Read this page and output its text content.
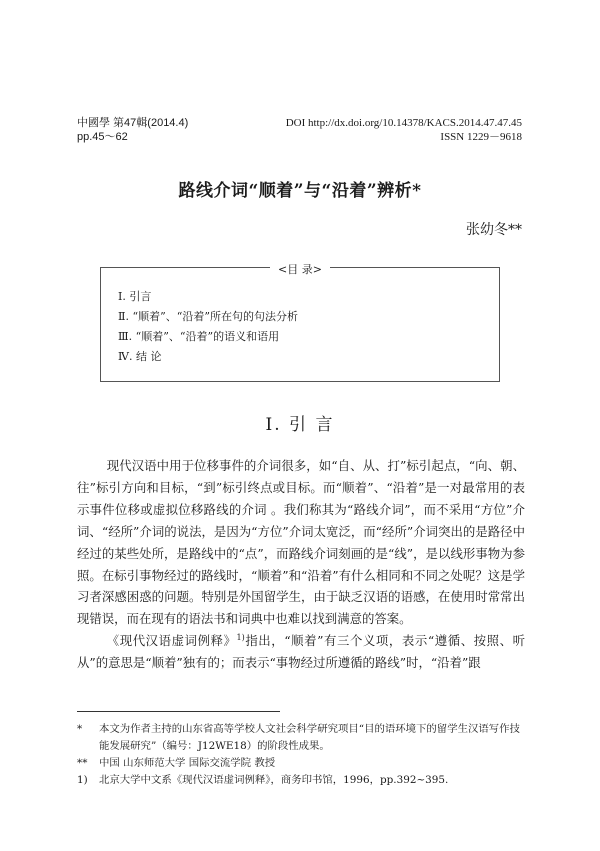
中國學 第47輯(2014.4)
pp.45～62
DOI http://dx.doi.org/10.14378/KACS.2014.47.47.45
ISSN 1229－9618
路线介词“顺着”与“沿着”辨析*
张幼冬**
<目 录>
Ⅰ. 引言
Ⅱ. “顺着”、“沿着”所在句的句法分析
Ⅲ. “顺着”、“沿着”的语义和语用
Ⅳ. 结 论
Ⅰ. 引 言

现代汉语中用于位移事件的介词很多，如“自、从、打”标引起点，“向、朝、往”标引方向和目标，“到”标引终点或目标。而“顺着”、“沿着”是一对最常用的表示事件位移或虚拟位移路线的介词 。我们称其为“路线介词”，而不采用“方位”介词、“经所”介词的说法，是因为“方位”介词太宽泛，而“经所”介词突出的是路径中经过的某些处所，是路线中的“点”，而路线介词刻画的是“线”，是以线形事物为参照。在标引事物经过的路线时，“顺着”和“沿着”有什么相同和不同之处呢？这是学习者深感困惑的问题。特别是外国留学生，由于缺乏汉语的语感，在使用时常常出现错误，而在现有的语法书和词典中也难以找到满意的答案。

《现代汉语虚词例释》$^{1)}$指出，“顺着”有三个义项，表示“遵循、按照、听从”的意思是“顺着”独有的；而表示“事物经过所遵循的路线”时，“沿着”跟

*	本文为作者主持的山东省高等学校人文社会科学研究项目“目的语环境下的留学生汉语写作技能发展研究”（编号：J12WE18）的阶段性成果。
**	中国 山东师范大学 国际交流学院 教授
1)	北京大学中文系《现代汉语虚词例释》，商务印书馆，1996，pp.392~395.
